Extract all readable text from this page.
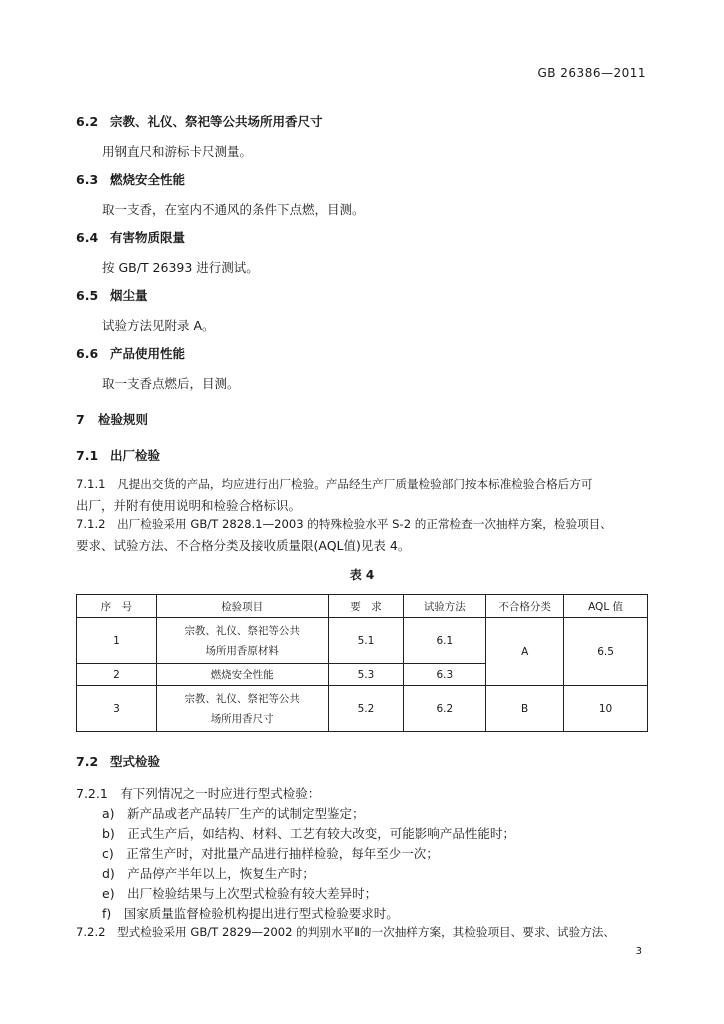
GB 26386—2011
6.2 宗教、礼仪、祭祀等公共场所用香尺寸
用钢直尺和游标卡尺测量。
6.3 燃烧安全性能
取一支香，在室内不通风的条件下点燃，目测。
6.4 有害物质限量
按 GB/T 26393 进行测试。
6.5 烟尘量
试验方法见附录 A。
6.6 产品使用性能
取一支香点燃后，目测。
7 检验规则
7.1 出厂检验
7.1.1　凡提出交货的产品，均应进行出厂检验。产品经生产厂质量检验部门按本标准检验合格后方可
出厂，并附有使用说明和检验合格标识。
7.1.2　出厂检验采用 GB/T 2828.1—2003 的特殊检验水平 S-2 的正常检查一次抽样方案，检验项目、
要求、试验方法、不合格分类及接收质量限(AQL值)见表 4。
表 4
序　号	检验项目	要　求	试验方法	不合格分类	AQL 值
1	宗教、礼仪、祭祀等公共
场所用香原材料	5.1	6.1	A	6.5
2	燃烧安全性能	5.3	6.3		
3	宗教、礼仪、祭祀等公共
场所用香尺寸	5.2	6.2	B	10
7.2 型式检验
7.2.1　有下列情况之一时应进行型式检验：
a)　新产品或老产品转厂生产的试制定型鉴定；
b)　正式生产后，如结构、材料、工艺有较大改变，可能影响产品性能时；
c)　正常生产时，对批量产品进行抽样检验，每年至少一次；
d)　产品停产半年以上，恢复生产时；
e)　出厂检验结果与上次型式检验有较大差异时；
f)　国家质量监督检验机构提出进行型式检验要求时。
7.2.2　型式检验采用 GB/T 2829—2002 的判别水平Ⅱ的一次抽样方案，其检验项目、要求、试验方法、
3
